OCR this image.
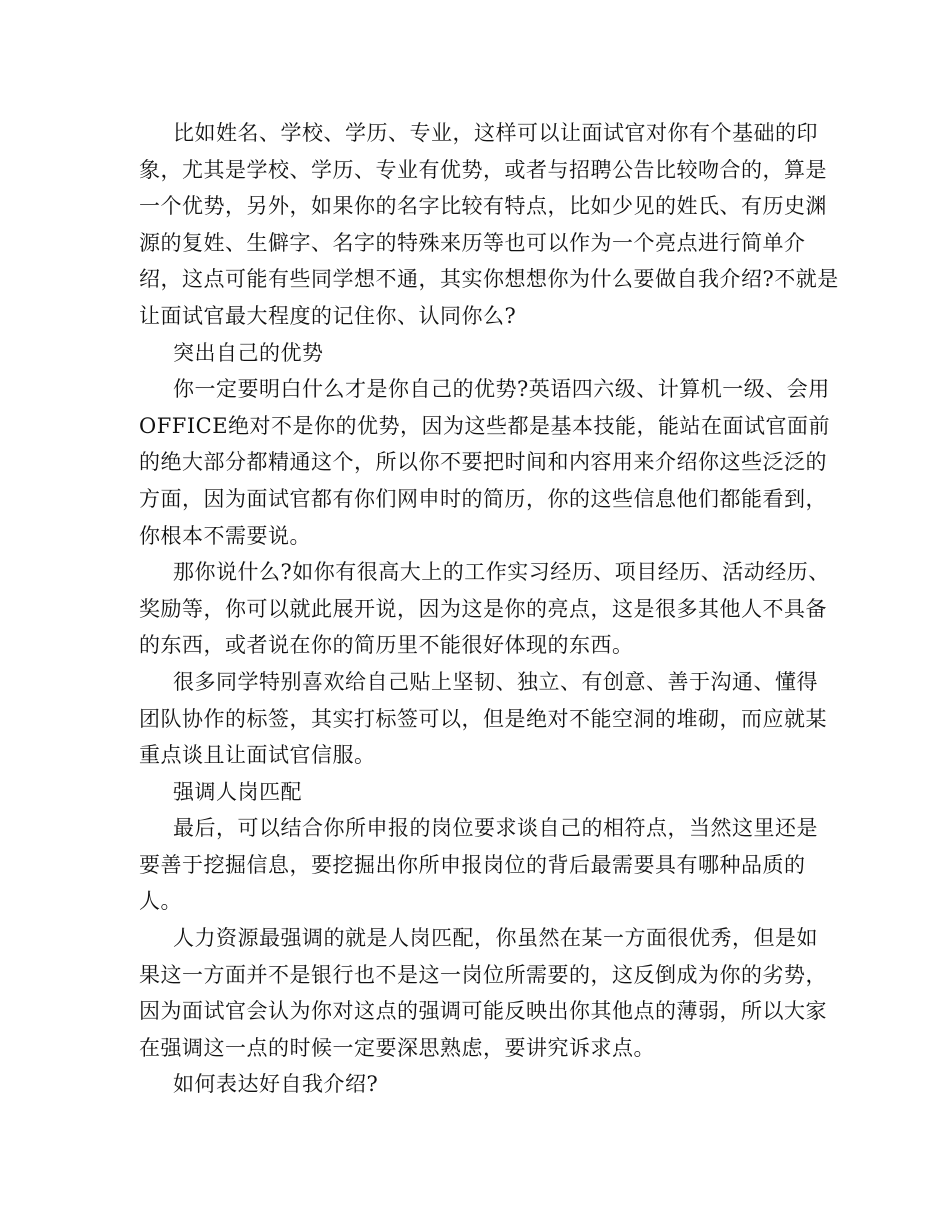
比如姓名、学校、学历、专业，这样可以让面试官对你有个基础的印象，尤其是学校、学历、专业有优势，或者与招聘公告比较吻合的，算是一个优势，另外，如果你的名字比较有特点，比如少见的姓氏、有历史渊源的复姓、生僻字、名字的特殊来历等也可以作为一个亮点进行简单介绍，这点可能有些同学想不通，其实你想想你为什么要做自我介绍?不就是让面试官最大程度的记住你、认同你么?

突出自己的优势

你一定要明白什么才是你自己的优势?英语四六级、计算机一级、会用OFFICE绝对不是你的优势，因为这些都是基本技能，能站在面试官面前的绝大部分都精通这个，所以你不要把时间和内容用来介绍你这些泛泛的方面，因为面试官都有你们网申时的简历，你的这些信息他们都能看到，你根本不需要说。

那你说什么?如你有很高大上的工作实习经历、项目经历、活动经历、奖励等，你可以就此展开说，因为这是你的亮点，这是很多其他人不具备的东西，或者说在你的简历里不能很好体现的东西。

很多同学特别喜欢给自己贴上坚韧、独立、有创意、善于沟通、懂得团队协作的标签，其实打标签可以，但是绝对不能空洞的堆砌，而应就某重点谈且让面试官信服。

强调人岗匹配

最后，可以结合你所申报的岗位要求谈自己的相符点，当然这里还是要善于挖掘信息，要挖掘出你所申报岗位的背后最需要具有哪种品质的人。

人力资源最强调的就是人岗匹配，你虽然在某一方面很优秀，但是如果这一方面并不是银行也不是这一岗位所需要的，这反倒成为你的劣势，因为面试官会认为你对这点的强调可能反映出你其他点的薄弱，所以大家在强调这一点的时候一定要深思熟虑，要讲究诉求点。

如何表达好自我介绍?
